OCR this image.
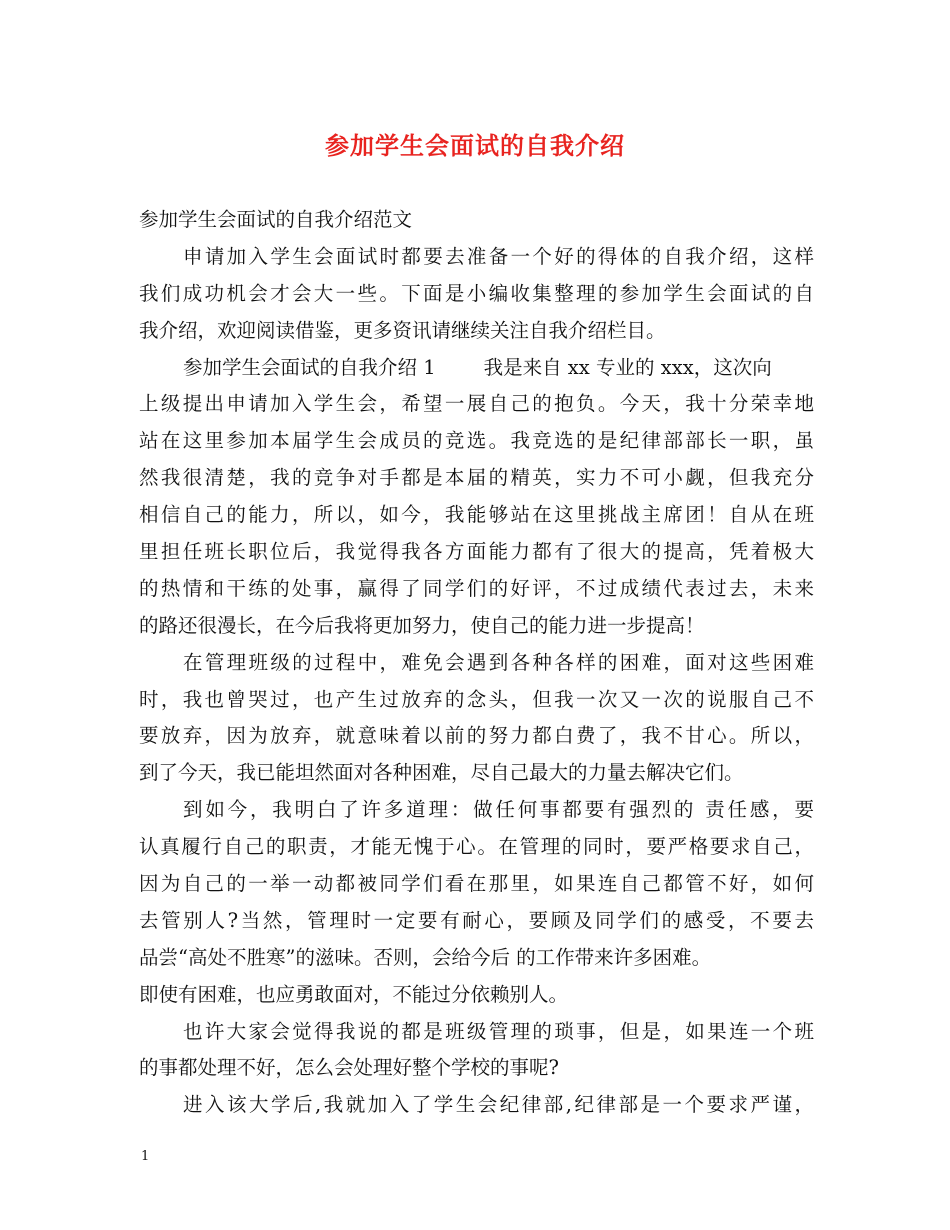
参加学生会面试的自我介绍
参加学生会面试的自我介绍范文
申请加入学生会面试时都要去准备一个好的得体的自我介绍，这样
我们成功机会才会大一些。下面是小编收集整理的参加学生会面试的自
我介绍，欢迎阅读借鉴，更多资讯请继续关注自我介绍栏目。
参加学生会面试的自我介绍 1 我是来自 xx 专业的 xxx，这次向
上级提出申请加入学生会，希望一展自己的抱负。今天，我十分荣幸地
站在这里参加本届学生会成员的竞选。我竞选的是纪律部部长一职，虽
然我很清楚，我的竞争对手都是本届的精英，实力不可小觑，但我充分
相信自己的能力，所以，如今，我能够站在这里挑战主席团！自从在班
里担任班长职位后，我觉得我各方面能力都有了很大的提高，凭着极大
的热情和干练的处事，赢得了同学们的好评，不过成绩代表过去，未来
的路还很漫长，在今后我将更加努力，使自己的能力进一步提高！
在管理班级的过程中，难免会遇到各种各样的困难，面对这些困难
时，我也曾哭过，也产生过放弃的念头，但我一次又一次的说服自己不
要放弃，因为放弃，就意味着以前的努力都白费了，我不甘心。所以，
到了今天，我已能坦然面对各种困难，尽自己最大的力量去解决它们。
到如今，我明白了许多道理：做任何事都要有强烈的 责任感，要
认真履行自己的职责，才能无愧于心。在管理的同时，要严格要求自己，
因为自己的一举一动都被同学们看在那里，如果连自己都管不好，如何
去管别人?当然，管理时一定要有耐心，要顾及同学们的感受，不要去
品尝“高处不胜寒”的滋味。否则，会给今后 的工作带来许多困难。
即使有困难，也应勇敢面对，不能过分依赖别人。
也许大家会觉得我说的都是班级管理的琐事，但是，如果连一个班
的事都处理不好，怎么会处理好整个学校的事呢?
进入该大学后,我就加入了学生会纪律部,纪律部是一个要求严谨，
1
